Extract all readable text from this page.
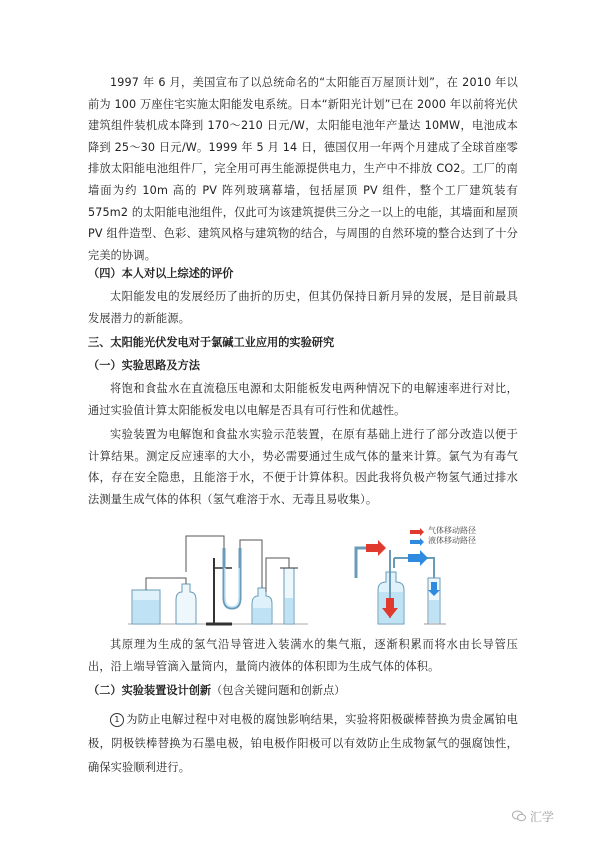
1997 年 6 月，美国宣布了以总统命名的“太阳能百万屋顶计划”，在 2010 年以前为 100 万座住宅实施太阳能发电系统。日本“新阳光计划”已在 2000 年以前将光伏建筑组件装机成本降到 170～210 日元/W，太阳能电池年产量达 10MW，电池成本降到 25～30 日元/W。1999 年 5 月 14 日，德国仅用一年两个月建成了全球首座零排放太阳能电池组件厂，完全用可再生能源提供电力，生产中不排放 CO2。工厂的南墙面为约 10m 高的 PV 阵列玻璃幕墙，包括屋顶 PV 组件，整个工厂建筑装有 575m2 的太阳能电池组件，仅此可为该建筑提供三分之一以上的电能，其墙面和屋顶 PV 组件造型、色彩、建筑风格与建筑物的结合，与周围的自然环境的整合达到了十分完美的协调。

（四）本人对以上综述的评价

太阳能发电的发展经历了曲折的历史，但其仍保持日新月异的发展，是目前最具发展潜力的新能源。

三、太阳能光伏发电对于氯碱工业应用的实验研究

（一）实验思路及方法

将饱和食盐水在直流稳压电源和太阳能板发电两种情况下的电解速率进行对比，通过实验值计算太阳能板发电以电解是否具有可行性和优越性。

实验装置为电解饱和食盐水实验示范装置，在原有基础上进行了部分改造以便于计算结果。测定反应速率的大小，势必需要通过生成气体的量来计算。氯气为有毒气体，存在安全隐患，且能溶于水，不便于计算体积。因此我将负极产物氢气通过排水法测量生成气体的体积（氢气难溶于水、无毒且易收集）。

气体移动路径
液体移动路径

其原理为生成的氢气沿导管进入装满水的集气瓶，逐渐积累而将水由长导管压出，沿上端导管滴入量筒内，量筒内液体的体积即为生成气体的体积。

（二）实验装置设计创新（包含关键问题和创新点）

1 为防止电解过程中对电极的腐蚀影响结果，实验将阳极碳棒替换为贵金属铂电极，阴极铁棒替换为石墨电极，铂电极作阳极可以有效防止生成物氯气的强腐蚀性，确保实验顺利进行。

汇学
